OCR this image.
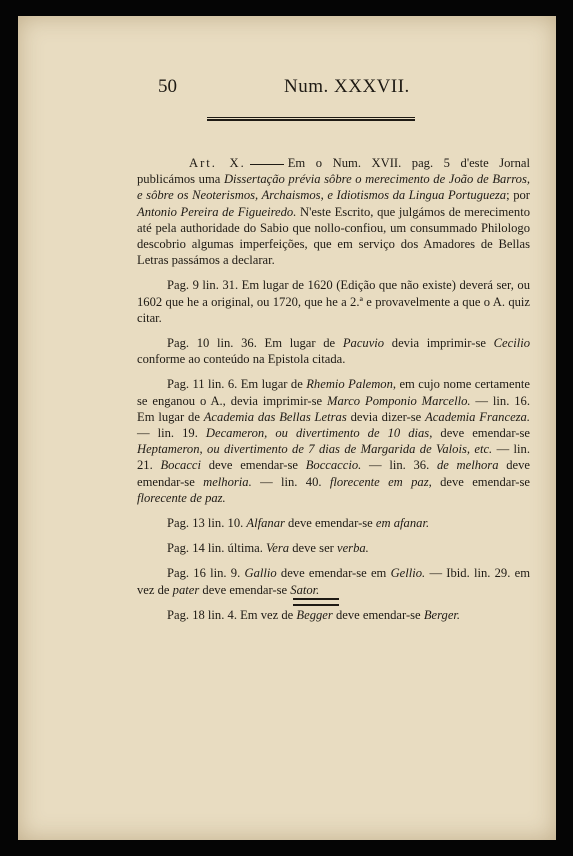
50	Num. XXXVII.

Art. X.	Em o Num. XVII. pag. 5 d'este Jornal publicámos uma Dissertação prévia sôbre o merecimento de João de Barros, e sôbre os Neoterismos, Archaismos, e Idiotismos da Lingua Portugueza; por Antonio Pereira de Figueiredo. N'este Escrito, que julgámos de merecimento até pela authoridade do Sabio que nollo-confiou, um consummado Philologo descobrio algumas imperfeições, que em serviço dos Amadores de Bellas Letras passámos a declarar.

Pag. 9 lin. 31. Em lugar de 1620 (Edição que não existe) deverá ser, ou 1602 que he a original, ou 1720, que he a 2.ª e provavelmente a que o A. quiz citar.

Pag. 10 lin. 36. Em lugar de Pacuvio devia imprimir-se Cecilio conforme ao conteúdo na Epistola citada.

Pag. 11 lin. 6. Em lugar de Rhemio Palemon, em cujo nome certamente se enganou o A., devia imprimir-se Marco Pomponio Marcello. — lin. 16. Em lugar de Academia das Bellas Letras devia dizer-se Academia Franceza. — lin. 19. Decameron, ou divertimento de 10 dias, deve emendar-se Heptameron, ou divertimento de 7 dias de Margarida de Valois, etc. — lin. 21. Bocacci deve emendar-se Boccaccio. — lin. 36. de melhora deve emendar-se melhoria. — lin. 40. florecente em paz, deve emendar-se florecente de paz.

Pag. 13 lin. 10. Alfanar deve emendar-se em afanar.

Pag. 14 lin. última. Vera deve ser verba.

Pag. 16 lin. 9. Gallio deve emendar-se em Gellio. — Ibid. lin. 29. em vez de pater deve emendar-se Sator.

Pag. 18 lin. 4. Em vez de Begger deve emendar-se Berger.
